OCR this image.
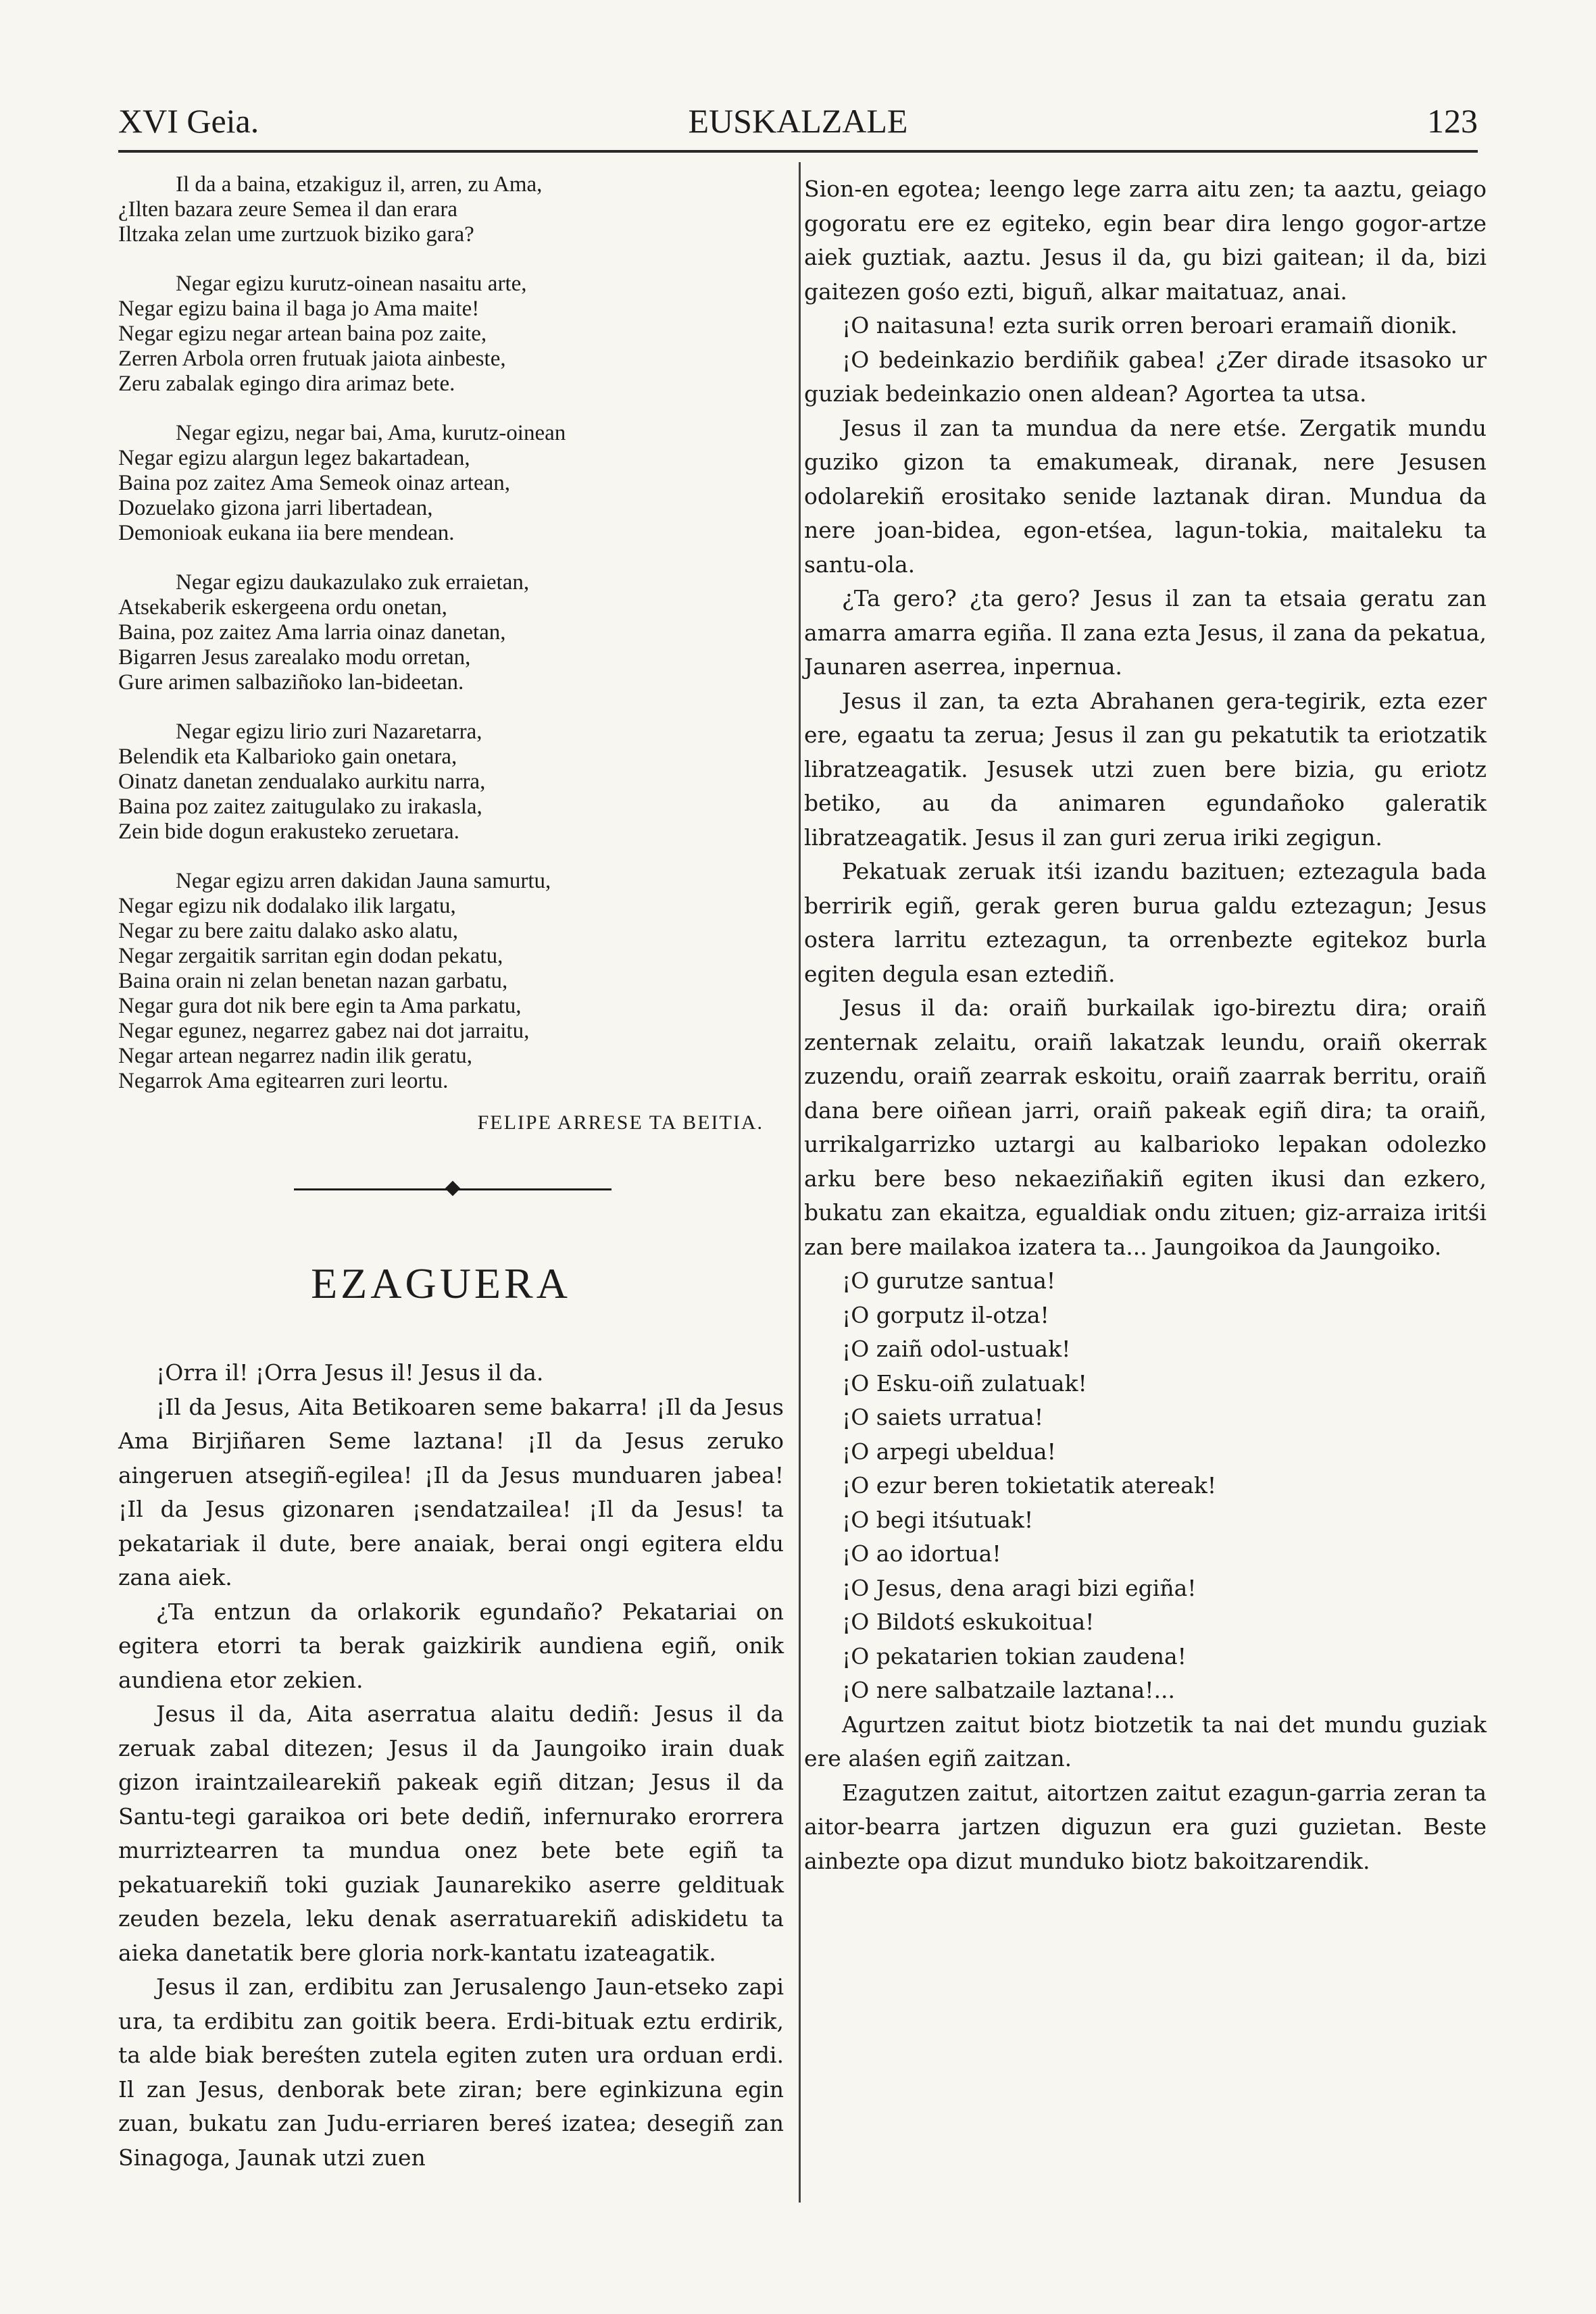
XVI Geia.	EUSKALZALE	123
Il da a baina, etzakiguz il, arren, zu Ama,
¿Ilten bazara zeure Semea il dan erara
Iltzaka zelan ume zurtzuok biziko gara?
Negar egizu kurutz-oinean nasaitu arte,
Negar egizu baina il baga jo Ama maite!
Negar egizu negar artean baina poz zaite,
Zerren Arbola orren frutuak jaiota ainbeste,
Zeru zabalak egingo dira arimaz bete.
Negar egizu, negar bai, Ama, kurutz-oinean
Negar egizu alargun legez bakartadean,
Baina poz zaitez Ama Semeok oinaz artean,
Dozuelako gizona jarri libertadean,
Demonioak eukana iia bere mendean.
Negar egizu daukazulako zuk erraietan,
Atsekaberik eskergeena ordu onetan,
Baina, poz zaitez Ama larria oinaz danetan,
Bigarren Jesus zarealako modu orretan,
Gure arimen salbaziñoko lan-bideetan.
Negar egizu lirio zuri Nazaretarra,
Belendik eta Kalbarioko gain onetara,
Oinatz danetan zendualako aurkitu narra,
Baina poz zaitez zaitugulako zu irakasla,
Zein bide dogun erakusteko zeruetara.
Negar egizu arren dakidan Jauna samurtu,
Negar egizu nik dodalako ilik largatu,
Negar zu bere zaitu dalako asko alatu,
Negar zergaitik sarritan egin dodan pekatu,
Baina orain ni zelan benetan nazan garbatu,
Negar gura dot nik bere egin ta Ama parkatu,
Negar egunez, negarrez gabez nai dot jarraitu,
Negar artean negarrez nadin ilik geratu,
Negarrok Ama egitearren zuri leortu.
FELIPE ARRESE TA BEITIA.
EZAGUERA

¡Orra il! ¡Orra Jesus il! Jesus il da.

¡Il da Jesus, Aita Betikoaren seme bakarra! ¡Il da Jesus Ama Birjiñaren Seme laztana! ¡Il da Jesus zeruko aingeruen atsegiñ-egilea! ¡Il da Jesus munduaren jabea! ¡Il da Jesus gizonaren ¡sendatzailea! ¡Il da Jesus! ta pekatariak il dute, bere anaiak, berai ongi egitera eldu zana aiek.

¿Ta entzun da orlakorik egundaño? Pekatariai on egitera etorri ta berak gaizkirik aundiena egiñ, onik aundiena etor zekien.

Jesus il da, Aita aserratua alaitu dediñ: Jesus il da zeruak zabal ditezen; Jesus il da Jaungoiko irain duak gizon iraintzailearekiñ pakeak egiñ ditzan; Jesus il da Santu-tegi garaikoa ori bete dediñ, infernurako erorrera murriztearren ta mundua onez bete bete egiñ ta pekatuarekiñ toki guziak Jaunarekiko aserre geldituak zeuden bezela, leku denak aserratuarekiñ adiskidetu ta aieka danetatik bere gloria nork-kantatu izateagatik.

Jesus il zan, erdibitu zan Jerusalengo Jaun-etseko zapi ura, ta erdibitu zan goitik beera. Erdi-bituak eztu erdirik, ta alde biak bereśten zutela egiten zuten ura orduan erdi. Il zan Jesus, denborak bete ziran; bere eginkizuna egin zuan, bukatu zan Judu-erriaren bereś izatea; desegiñ zan Sinagoga, Jaunak utzi zuen

Sion-en egotea; leengo lege zarra aitu zen; ta aaztu, geiago gogoratu ere ez egiteko, egin bear dira lengo gogor-artze aiek guztiak, aaztu. Jesus il da, gu bizi gaitean; il da, bizi gaitezen gośo ezti, biguñ, alkar maitatuaz, anai.

¡O naitasuna! ezta surik orren beroari eramaiñ dionik.

¡O bedeinkazio berdiñik gabea! ¿Zer dirade itsasoko ur guziak bedeinkazio onen aldean? Agortea ta utsa.

Jesus il zan ta mundua da nere etśe. Zergatik mundu guziko gizon ta emakumeak, diranak, nere Jesusen odolarekiñ erositako senide laztanak diran. Mundua da nere joan-bidea, egon-etśea, lagun-tokia, maitaleku ta santu-ola.

¿Ta gero? ¿ta gero? Jesus il zan ta etsaia geratu zan amarra amarra egiña. Il zana ezta Jesus, il zana da pekatua, Jaunaren aserrea, inpernua.

Jesus il zan, ta ezta Abrahanen gera-tegirik, ezta ezer ere, egaatu ta zerua; Jesus il zan gu pekatutik ta eriotzatik libratzeagatik. Jesusek utzi zuen bere bizia, gu eriotz betiko, au da animaren egundañoko galeratik libratzeagatik. Jesus il zan guri zerua iriki zegigun.

Pekatuak zeruak itśi izandu bazituen; eztezagula bada berririk egiñ, gerak geren burua galdu eztezagun; Jesus ostera larritu eztezagun, ta orrenbezte egitekoz burla egiten degula esan eztediñ.

Jesus il da: oraiñ burkailak igo-bireztu dira; oraiñ zenternak zelaitu, oraiñ lakatzak leundu, oraiñ okerrak zuzendu, oraiñ zearrak eskoitu, oraiñ zaarrak berritu, oraiñ dana bere oiñean jarri, oraiñ pakeak egiñ dira; ta oraiñ, urrikalgarrizko uztargi au kalbarioko lepakan odolezko arku bere beso nekaeziñakiñ egiten ikusi dan ezkero, bukatu zan ekaitza, egualdiak ondu zituen; giz-arraiza iritśi zan bere mailakoa izatera ta... Jaungoikoa da Jaungoiko.

¡O gurutze santua!
¡O gorputz il-otza!
¡O zaiñ odol-ustuak!
¡O Esku-oiñ zulatuak!
¡O saiets urratua!
¡O arpegi ubeldua!
¡O ezur beren tokietatik atereak!
¡O begi itśutuak!
¡O ao idortua!
¡O Jesus, dena aragi bizi egiña!
¡O Bildotś eskukoitua!
¡O pekatarien tokian zaudena!
¡O nere salbatzaile laztana!...

Agurtzen zaitut biotz biotzetik ta nai det mundu guziak ere alaśen egiñ zaitzan.

Ezagutzen zaitut, aitortzen zaitut ezagun-garria zeran ta aitor-bearra jartzen diguzun era guzi guzietan. Beste ainbezte opa dizut munduko biotz bakoitzarendik.
